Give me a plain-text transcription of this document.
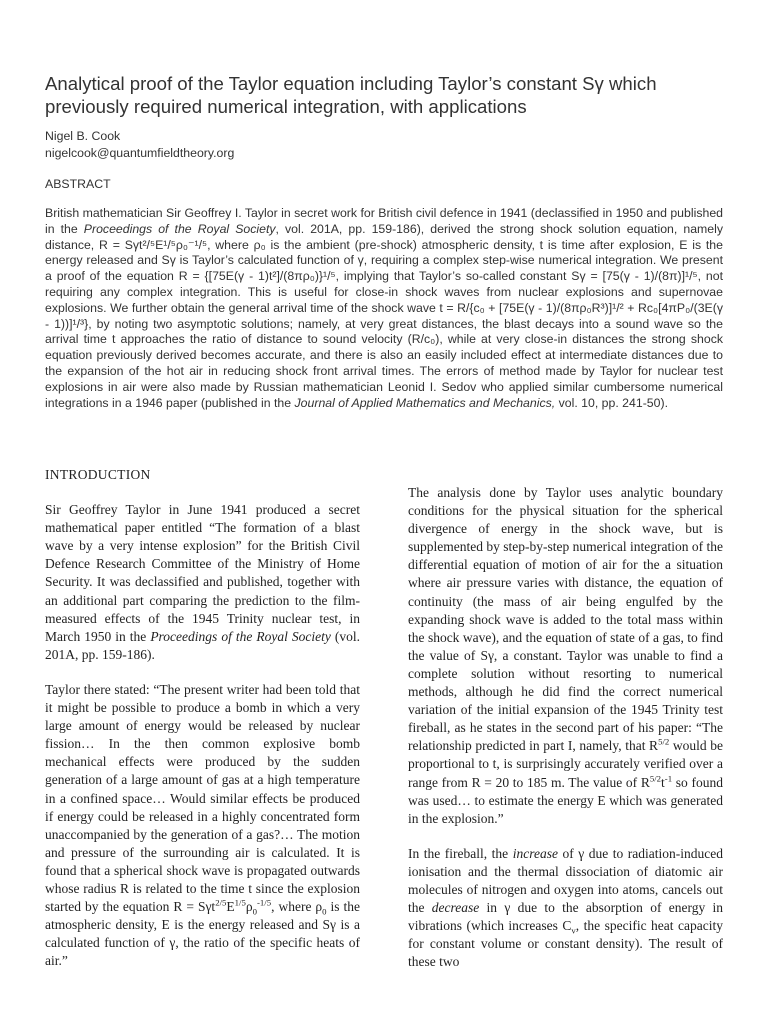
Analytical proof of the Taylor equation including Taylor’s constant Sγ which previously required numerical integration, with applications
Nigel B. Cook
nigelcook@quantumfieldtheory.org
ABSTRACT

British mathematician Sir Geoffrey I. Taylor in secret work for British civil defence in 1941 (declassified in 1950 and published in the Proceedings of the Royal Society, vol. 201A, pp. 159-186), derived the strong shock solution equation, namely distance, R = Sγt²/⁵E¹/⁵ρ₀⁻¹/⁵, where ρ₀ is the ambient (pre-shock) atmospheric density, t is time after explosion, E is the energy released and Sγ is Taylor’s calculated function of γ, requiring a complex step-wise numerical integration. We present a proof of the equation R = {[75E(γ - 1)t²]/(8πρ₀)}¹/⁵, implying that Taylor’s so-called constant Sγ = [75(γ - 1)/(8π)]¹/⁵, not requiring any complex integration. This is useful for close-in shock waves from nuclear explosions and supernovae explosions. We further obtain the general arrival time of the shock wave t = R/{c₀ + [75E(γ - 1)/(8πρ₀R³)]¹/² + Rc₀[4πP₀/(3E(γ - 1))]¹/³}, by noting two asymptotic solutions; namely, at very great distances, the blast decays into a sound wave so the arrival time t approaches the ratio of distance to sound velocity (R/c₀), while at very close-in distances the strong shock equation previously derived becomes accurate, and there is also an easily included effect at intermediate distances due to the expansion of the hot air in reducing shock front arrival times. The errors of method made by Taylor for nuclear test explosions in air were also made by Russian mathematician Leonid I. Sedov who applied similar cumbersome numerical integrations in a 1946 paper (published in the Journal of Applied Mathematics and Mechanics, vol. 10, pp. 241-50).

INTRODUCTION

Sir Geoffrey Taylor in June 1941 produced a secret mathematical paper entitled “The formation of a blast wave by a very intense explosion” for the British Civil Defence Research Committee of the Ministry of Home Security. It was declassified and published, together with an additional part comparing the prediction to the film-measured effects of the 1945 Trinity nuclear test, in March 1950 in the Proceedings of the Royal Society (vol. 201A, pp. 159-186).

Taylor there stated: “The present writer had been told that it might be possible to produce a bomb in which a very large amount of energy would be released by nuclear fission… In the then common explosive bomb mechanical effects were produced by the sudden generation of a large amount of gas at a high temperature in a confined space… Would similar effects be produced if energy could be released in a highly concentrated form unaccompanied by the generation of a gas?… The motion and pressure of the surrounding air is calculated. It is found that a spherical shock wave is propagated outwards whose radius R is related to the time t since the explosion started by the equation $R = S\gamma t^{2/5}E^{1/5}\rho_0^{-1/5}$, where $\rho_0$ is the atmospheric density, E is the energy released and Sγ is a calculated function of γ, the ratio of the specific heats of air.”

The analysis done by Taylor uses analytic boundary conditions for the physical situation for the spherical divergence of energy in the shock wave, but is supplemented by step-by-step numerical integration of the differential equation of motion of air for the a situation where air pressure varies with distance, the equation of continuity (the mass of air being engulfed by the expanding shock wave is added to the total mass within the shock wave), and the equation of state of a gas, to find the value of Sγ, a constant. Taylor was unable to find a complete solution without resorting to numerical methods, although he did find the correct numerical variation of the initial expansion of the 1945 Trinity test fireball, as he states in the second part of his paper: “The relationship predicted in part I, namely, that $R^{5/2}$ would be proportional to t, is surprisingly accurately verified over a range from R = 20 to 185 m. The value of $R^{5/2}t^{-1}$ so found was used… to estimate the energy E which was generated in the explosion.”

In the fireball, the increase of γ due to radiation-induced ionisation and the thermal dissociation of diatomic air molecules of nitrogen and oxygen into atoms, cancels out the decrease in γ due to the absorption of energy in vibrations (which increases $C_v$, the specific heat capacity for constant volume or constant density). The result of these two
